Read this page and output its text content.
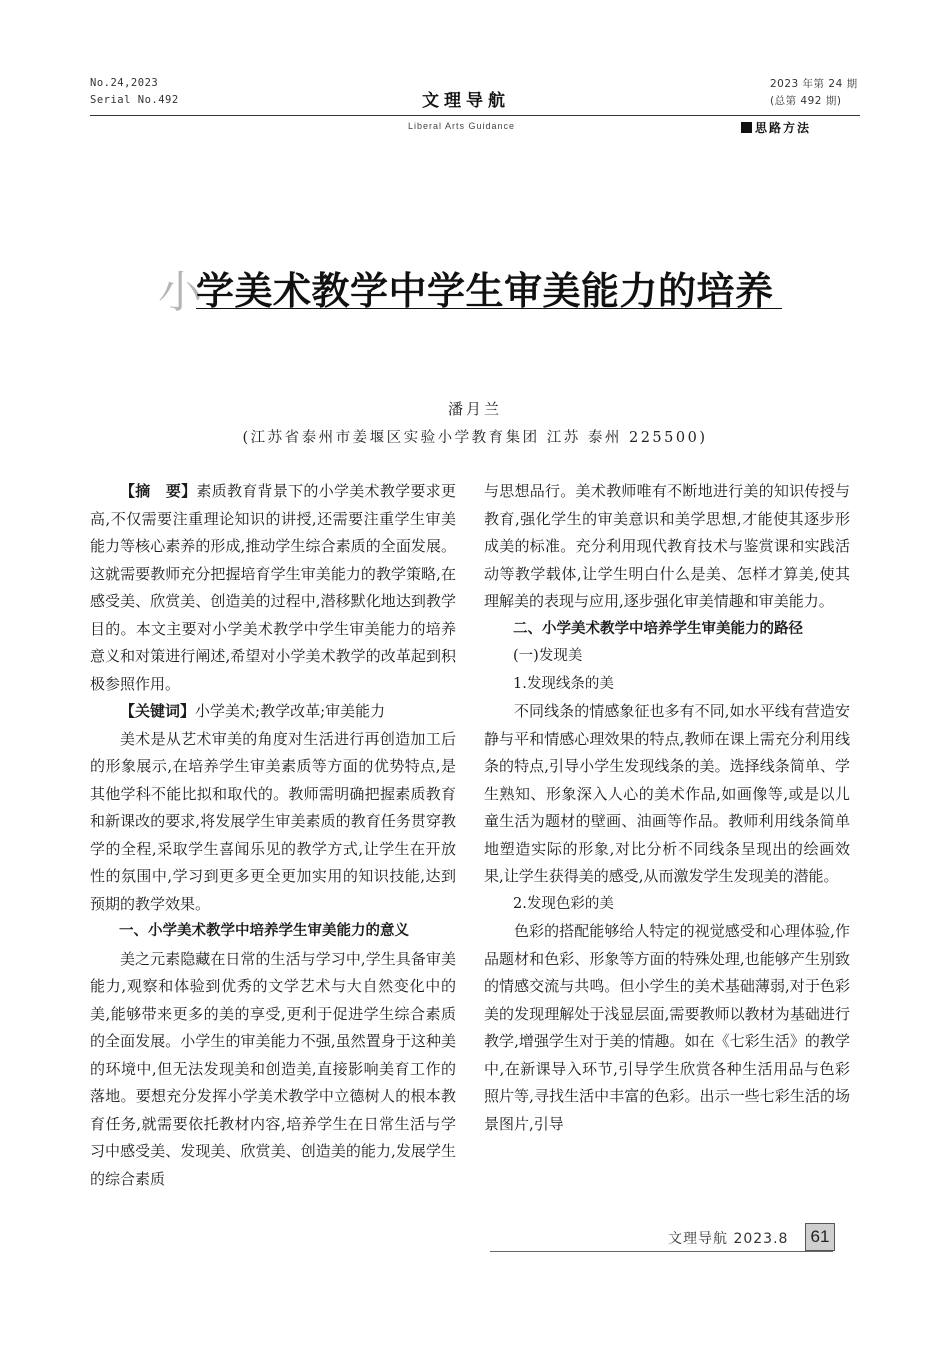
No.24,2023
Serial No.492	文理导航
2023 年第 24 期
(总第 492 期)
Liberal Arts Guidance	思路方法
小
学美术教学中学生审美能力的培养
潘月兰
(江苏省泰州市姜堰区实验小学教育集团 江苏 泰州 225500)

【摘　要】素质教育背景下的小学美术教学要求更高,不仅需要注重理论知识的讲授,还需要注重学生审美能力等核心素养的形成,推动学生综合素质的全面发展。这就需要教师充分把握培育学生审美能力的教学策略,在感受美、欣赏美、创造美的过程中,潜移默化地达到教学目的。本文主要对小学美术教学中学生审美能力的培养意义和对策进行阐述,希望对小学美术教学的改革起到积极参照作用。

【关键词】小学美术;教学改革;审美能力

美术是从艺术审美的角度对生活进行再创造加工后的形象展示,在培养学生审美素质等方面的优势特点,是其他学科不能比拟和取代的。教师需明确把握素质教育和新课改的要求,将发展学生审美素质的教育任务贯穿教学的全程,采取学生喜闻乐见的教学方式,让学生在开放性的氛围中,学习到更多更全更加实用的知识技能,达到预期的教学效果。

一、小学美术教学中培养学生审美能力的意义

美之元素隐藏在日常的生活与学习中,学生具备审美能力,观察和体验到优秀的文学艺术与大自然变化中的美,能够带来更多的美的享受,更利于促进学生综合素质的全面发展。小学生的审美能力不强,虽然置身于这种美的环境中,但无法发现美和创造美,直接影响美育工作的落地。要想充分发挥小学美术教学中立德树人的根本教育任务,就需要依托教材内容,培养学生在日常生活与学习中感受美、发现美、欣赏美、创造美的能力,发展学生的综合素质

与思想品行。美术教师唯有不断地进行美的知识传授与教育,强化学生的审美意识和美学思想,才能使其逐步形成美的标准。充分利用现代教育技术与鉴赏课和实践活动等教学载体,让学生明白什么是美、怎样才算美,使其理解美的表现与应用,逐步强化审美情趣和审美能力。

二、小学美术教学中培养学生审美能力的路径

(一)发现美

1.发现线条的美

不同线条的情感象征也多有不同,如水平线有营造安静与平和情感心理效果的特点,教师在课上需充分利用线条的特点,引导小学生发现线条的美。选择线条简单、学生熟知、形象深入人心的美术作品,如画像等,或是以儿童生活为题材的壁画、油画等作品。教师利用线条简单地塑造实际的形象,对比分析不同线条呈现出的绘画效果,让学生获得美的感受,从而激发学生发现美的潜能。

2.发现色彩的美

色彩的搭配能够给人特定的视觉感受和心理体验,作品题材和色彩、形象等方面的特殊处理,也能够产生别致的情感交流与共鸣。但小学生的美术基础薄弱,对于色彩美的发现理解处于浅显层面,需要教师以教材为基础进行教学,增强学生对于美的情趣。如在《七彩生活》的教学中,在新课导入环节,引导学生欣赏各种生活用品与色彩照片等,寻找生活中丰富的色彩。出示一些七彩生活的场景图片,引导

文理导航 2023.8	61
